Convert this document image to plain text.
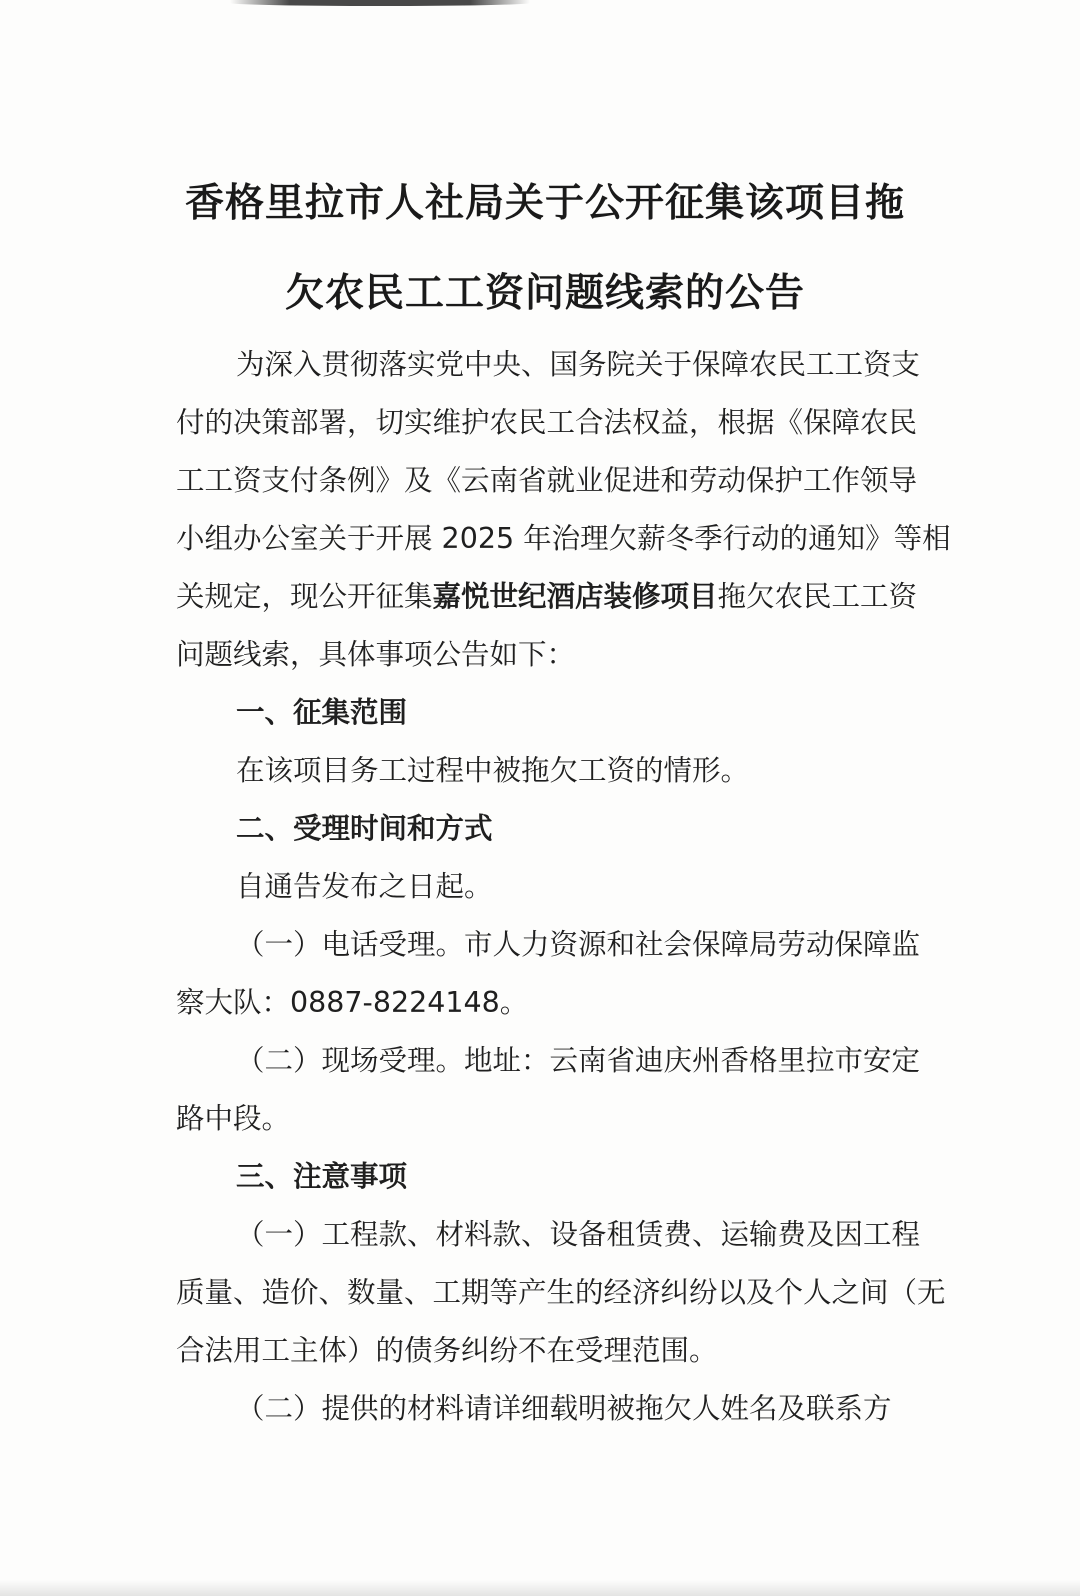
香格里拉市人社局关于公开征集该项目拖
欠农民工工资问题线索的公告

为深入贯彻落实党中央、国务院关于保障农民工工资支

付的决策部署，切实维护农民工合法权益，根据《保障农民

工工资支付条例》及《云南省就业促进和劳动保护工作领导

小组办公室关于开展 2025 年治理欠薪冬季行动的通知》等相

关规定，现公开征集嘉悦世纪酒店装修项目拖欠农民工工资

问题线索，具体事项公告如下：

一、征集范围

在该项目务工过程中被拖欠工资的情形。

二、受理时间和方式

自通告发布之日起。

（一）电话受理。市人力资源和社会保障局劳动保障监

察大队：0887-8224148。

（二）现场受理。地址：云南省迪庆州香格里拉市安定

路中段。

三、注意事项

（一）工程款、材料款、设备租赁费、运输费及因工程

质量、造价、数量、工期等产生的经济纠纷以及个人之间（无

合法用工主体）的债务纠纷不在受理范围。

（二）提供的材料请详细载明被拖欠人姓名及联系方
